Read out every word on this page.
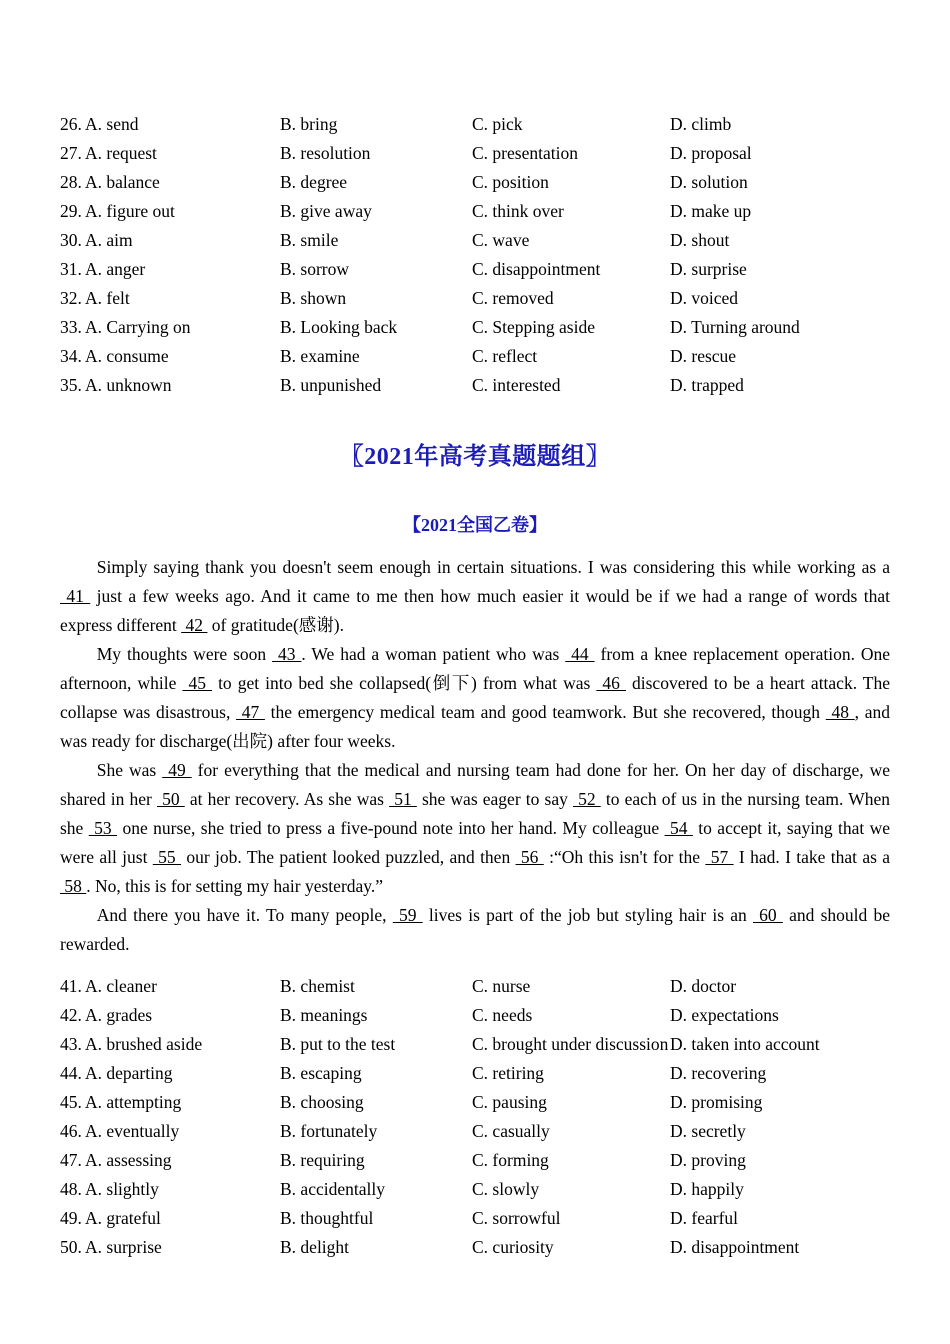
26. A. send	B. bring	C. pick	D. climb
27. A. request	B. resolution	C. presentation	D. proposal
28. A. balance	B. degree	C. position	D. solution
29. A. figure out	B. give away	C. think over	D. make up
30. A. aim	B. smile	C. wave	D. shout
31. A. anger	B. sorrow	C. disappointment	D. surprise
32. A. felt	B. shown	C. removed	D. voiced
33. A. Carrying on	B. Looking back	C. Stepping aside	D. Turning around
34. A. consume	B. examine	C. reflect	D. rescue
35. A. unknown	B. unpunished	C. interested	D. trapped
〖2021年高考真题题组〗
【2021全国乙卷】

Simply saying thank you doesn't seem enough in certain situations. I was considering this while working as a  41  just a few weeks ago. And it came to me then how much easier it would be if we had a range of words that express different  42  of gratitude(感谢).

My thoughts were soon  43 . We had a woman patient who was  44  from a knee replacement operation. One afternoon, while  45  to get into bed she collapsed(倒下) from what was  46  discovered to be a heart attack. The collapse was disastrous,  47  the emergency medical team and good teamwork. But she recovered, though  48 , and was ready for discharge(出院) after four weeks.

She was  49  for everything that the medical and nursing team had done for her. On her day of discharge, we shared in her  50  at her recovery. As she was  51  she was eager to say  52  to each of us in the nursing team. When she  53  one nurse, she tried to press a five-pound note into her hand. My colleague  54  to accept it, saying that we were all just  55  our job. The patient looked puzzled, and then  56  :“Oh this isn't for the  57  I had. I take that as a  58 . No, this is for setting my hair yesterday.”

And there you have it. To many people,  59  lives is part of the job but styling hair is an  60  and should be rewarded.

41. A. cleaner	B. chemist	C. nurse	D. doctor
42. A. grades	B. meanings	C. needs	D. expectations
43. A. brushed aside	B. put to the test	C. brought under discussion D. taken into account
44. A. departing	B. escaping	C. retiring	D. recovering
45. A. attempting	B. choosing	C. pausing	D. promising
46. A. eventually	B. fortunately	C. casually	D. secretly
47. A. assessing	B. requiring	C. forming	D. proving
48. A. slightly	B. accidentally	C. slowly	D. happily
49. A. grateful	B. thoughtful	C. sorrowful	D. fearful
50. A. surprise	B. delight	C. curiosity	D. disappointment
